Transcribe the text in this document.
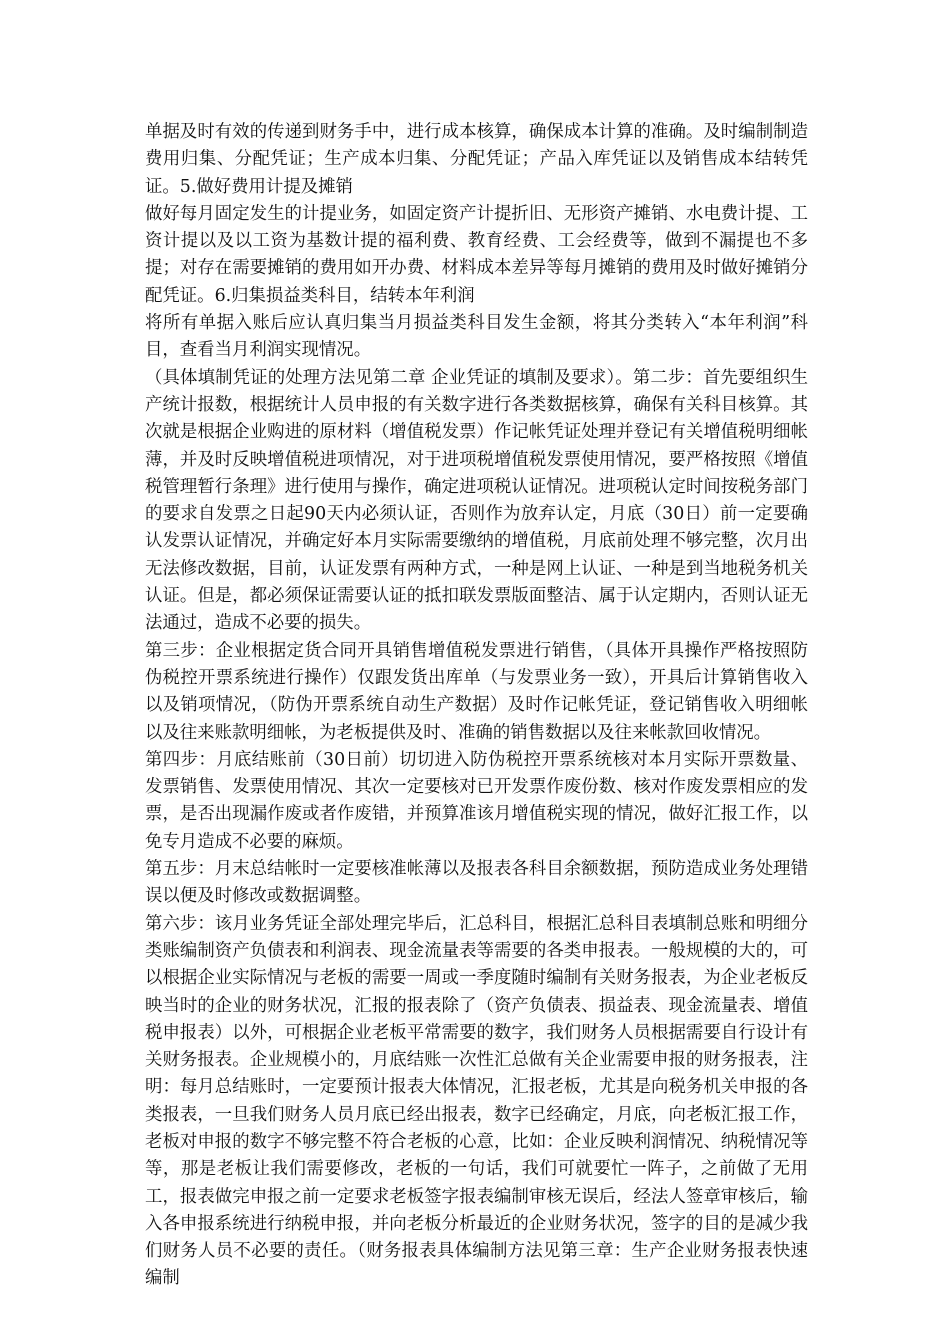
单据及时有效的传递到财务手中，进行成本核算，确保成本计算的准确。及时编制制造费用归集、分配凭证；生产成本归集、分配凭证；产品入库凭证以及销售成本结转凭证。5.做好费用计提及摊销

做好每月固定发生的计提业务，如固定资产计提折旧、无形资产摊销、水电费计提、工资计提以及以工资为基数计提的福利费、教育经费、工会经费等，做到不漏提也不多提；对存在需要摊销的费用如开办费、材料成本差异等每月摊销的费用及时做好摊销分配凭证。6.归集损益类科目，结转本年利润

将所有单据入账后应认真归集当月损益类科目发生金额，将其分类转入“本年利润”科目，查看当月利润实现情况。

（具体填制凭证的处理方法见第二章 企业凭证的填制及要求）。第二步：首先要组织生产统计报数，根据统计人员申报的有关数字进行各类数据核算，确保有关科目核算。其次就是根据企业购进的原材料（增值税发票）作记帐凭证处理并登记有关增值税明细帐薄，并及时反映增值税进项情况，对于进项税增值税发票使用情况，要严格按照《增值税管理暂行条理》进行使用与操作，确定进项税认证情况。进项税认定时间按税务部门的要求自发票之日起90天内必须认证，否则作为放弃认定，月底（30日）前一定要确认发票认证情况，并确定好本月实际需要缴纳的增值税，月底前处理不够完整，次月出无法修改数据，目前，认证发票有两种方式，一种是网上认证、一种是到当地税务机关认证。但是，都必须保证需要认证的抵扣联发票版面整洁、属于认定期内，否则认证无法通过，造成不必要的损失。

第三步：企业根据定货合同开具销售增值税发票进行销售，（具体开具操作严格按照防伪税控开票系统进行操作）仅跟发货出库单（与发票业务一致），开具后计算销售收入以及销项情况，（防伪开票系统自动生产数据）及时作记帐凭证，登记销售收入明细帐以及往来账款明细帐，为老板提供及时、准确的销售数据以及往来帐款回收情况。

第四步：月底结账前（30日前）切切进入防伪税控开票系统核对本月实际开票数量、发票销售、发票使用情况、其次一定要核对已开发票作废份数、核对作废发票相应的发票，是否出现漏作废或者作废错，并预算准该月增值税实现的情况，做好汇报工作，以免专月造成不必要的麻烦。

第五步：月末总结帐时一定要核准帐薄以及报表各科目余额数据，预防造成业务处理错误以便及时修改或数据调整。

第六步：该月业务凭证全部处理完毕后，汇总科目，根据汇总科目表填制总账和明细分类账编制资产负债表和利润表、现金流量表等需要的各类申报表。一般规模的大的，可以根据企业实际情况与老板的需要一周或一季度随时编制有关财务报表，为企业老板反映当时的企业的财务状况，汇报的报表除了（资产负债表、损益表、现金流量表、增值税申报表）以外，可根据企业老板平常需要的数字，我们财务人员根据需要自行设计有关财务报表。企业规模小的，月底结账一次性汇总做有关企业需要申报的财务报表，注明：每月总结账时，一定要预计报表大体情况，汇报老板，尤其是向税务机关申报的各类报表，一旦我们财务人员月底已经出报表，数字已经确定，月底，向老板汇报工作，老板对申报的数字不够完整不符合老板的心意，比如：企业反映利润情况、纳税情况等等，那是老板让我们需要修改，老板的一句话，我们可就要忙一阵子，之前做了无用工，报表做完申报之前一定要求老板签字报表编制审核无误后，经法人签章审核后，输入各申报系统进行纳税申报，并向老板分析最近的企业财务状况，签字的目的是减少我们财务人员不必要的责任。（财务报表具体编制方法见第三章：生产企业财务报表快速编制
